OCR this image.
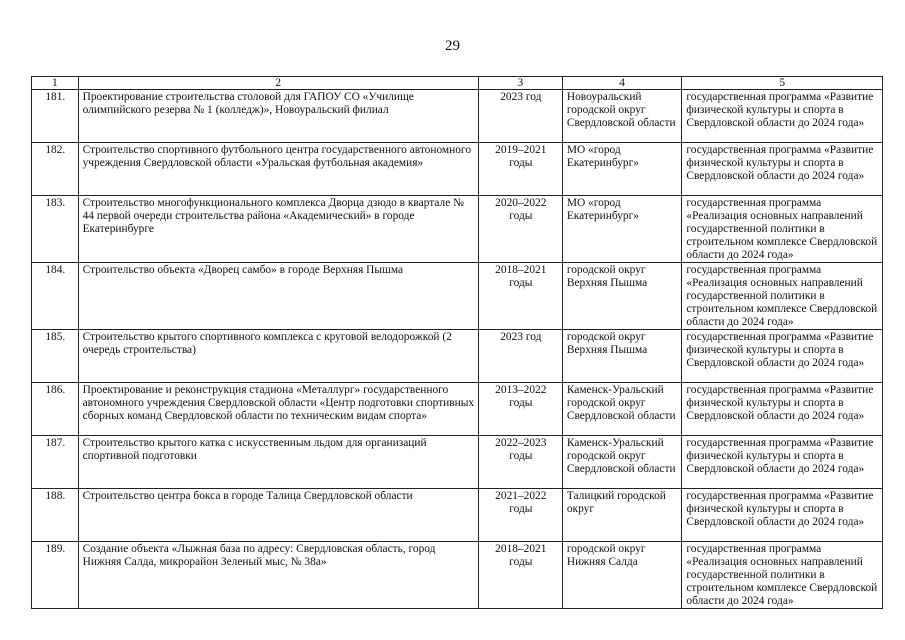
29
1	2	3	4	5
181.	Проектирование строительства столовой для ГАПОУ СО «Училище олимпийского резерва № 1 (колледж)», Новоуральский филиал	2023 год	Новоуральский городской округ Свердловской области	государственная программа «Развитие физической культуры и спорта в Свердловской области до 2024 года»
182.	Строительство спортивного футбольного центра государственного автономного учреждения Свердловской области «Уральская футбольная академия»	2019–2021 годы	МО «город Екатеринбург»	государственная программа «Развитие физической культуры и спорта в Свердловской области до 2024 года»
183.	Строительство многофункционального комплекса Дворца дзюдо в квартале № 44 первой очереди строительства района «Академический» в городе Екатеринбурге	2020–2022 годы	МО «город Екатеринбург»	государственная программа «Реализация основных направлений государственной политики в строительном комплексе Свердловской области до 2024 года»
184.	Строительство объекта «Дворец самбо» в городе Верхняя Пышма	2018–2021 годы	городской округ Верхняя Пышма	государственная программа «Реализация основных направлений государственной политики в строительном комплексе Свердловской области до 2024 года»
185.	Строительство крытого спортивного комплекса с круговой велодорожкой (2 очередь строительства)	2023 год	городской округ Верхняя Пышма	государственная программа «Развитие физической культуры и спорта в Свердловской области до 2024 года»
186.	Проектирование и реконструкция стадиона «Металлург» государственного автономного учреждения Свердловской области «Центр подготовки спортивных сборных команд Свердловской области по техническим видам спорта»	2013–2022 годы	Каменск-Уральский городской округ Свердловской области	государственная программа «Развитие физической культуры и спорта в Свердловской области до 2024 года»
187.	Строительство крытого катка с искусственным льдом для организаций спортивной подготовки	2022–2023 годы	Каменск-Уральский городской округ Свердловской области	государственная программа «Развитие физической культуры и спорта в Свердловской области до 2024 года»
188.	Строительство центра бокса в городе Талица Свердловской области	2021–2022 годы	Талицкий городской округ	государственная программа «Развитие физической культуры и спорта в Свердловской области до 2024 года»
189.	Создание объекта «Лыжная база по адресу: Свердловская область, город Нижняя Салда, микрорайон Зеленый мыс, № 38а»	2018–2021 годы	городской округ Нижняя Салда	государственная программа «Реализация основных направлений государственной политики в строительном комплексе Свердловской области до 2024 года»
